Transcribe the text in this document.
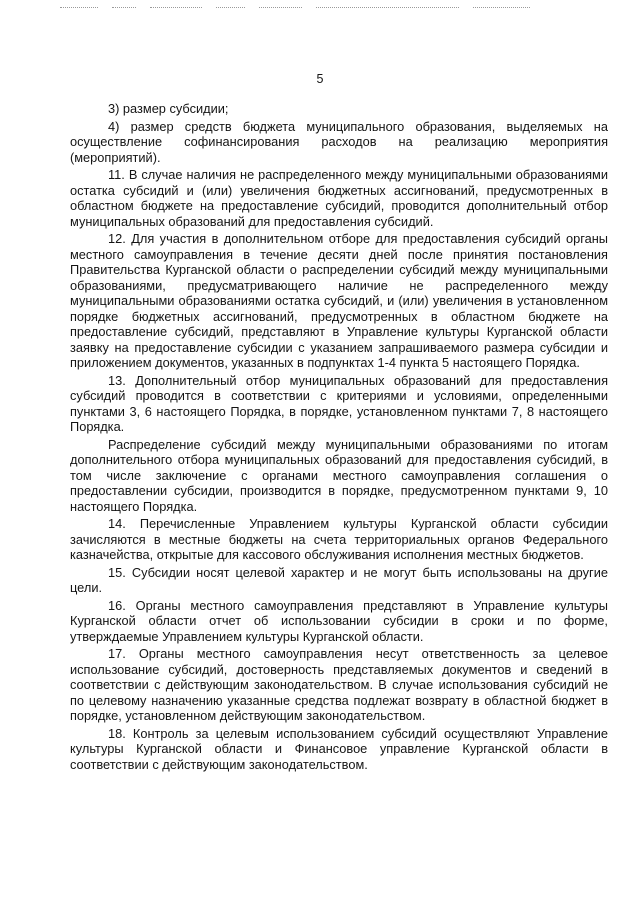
5

3) размер субсидии;

4) размер средств бюджета муниципального образования, выделяемых на осуществление софинансирования расходов на реализацию мероприятия (мероприятий).

11. В случае наличия не распределенного между муниципальными образованиями остатка субсидий и (или) увеличения бюджетных ассигнований, предусмотренных в областном бюджете на предоставление субсидий, проводится дополнительный отбор муниципальных образований для предоставления субсидий.

12. Для участия в дополнительном отборе для предоставления субсидий органы местного самоуправления в течение десяти дней после принятия постановления Правительства Курганской области о распределении субсидий между муниципальными образованиями, предусматривающего наличие не распределенного между муниципальными образованиями остатка субсидий, и (или) увеличения в установленном порядке бюджетных ассигнований, предусмотренных в областном бюджете на предоставление субсидий, представляют в Управление культуры Курганской области заявку на предоставление субсидии с указанием запрашиваемого размера субсидии и приложением документов, указанных в подпунктах 1-4 пункта 5 настоящего Порядка.

13. Дополнительный отбор муниципальных образований для предоставления субсидий проводится в соответствии с критериями и условиями, определенными пунктами 3, 6 настоящего Порядка, в порядке, установленном пунктами 7, 8 настоящего Порядка.

Распределение субсидий между муниципальными образованиями по итогам дополнительного отбора муниципальных образований для предоставления субсидий, в том числе заключение с органами местного самоуправления соглашения о предоставлении субсидии, производится в порядке, предусмотренном пунктами 9, 10 настоящего Порядка.

14. Перечисленные Управлением культуры Курганской области субсидии зачисляются в местные бюджеты на счета территориальных органов Федерального казначейства, открытые для кассового обслуживания исполнения местных бюджетов.

15. Субсидии носят целевой характер и не могут быть использованы на другие цели.

16. Органы местного самоуправления представляют в Управление культуры Курганской области отчет об использовании субсидии в сроки и по форме, утверждаемые Управлением культуры Курганской области.

17. Органы местного самоуправления несут ответственность за целевое использование субсидий, достоверность представляемых документов и сведений в соответствии с действующим законодательством. В случае использования субсидий не по целевому назначению указанные средства подлежат возврату в областной бюджет в порядке, установленном действующим законодательством.

18. Контроль за целевым использованием субсидий осуществляют Управление культуры Курганской области и Финансовое управление Курганской области в соответствии с действующим законодательством.
